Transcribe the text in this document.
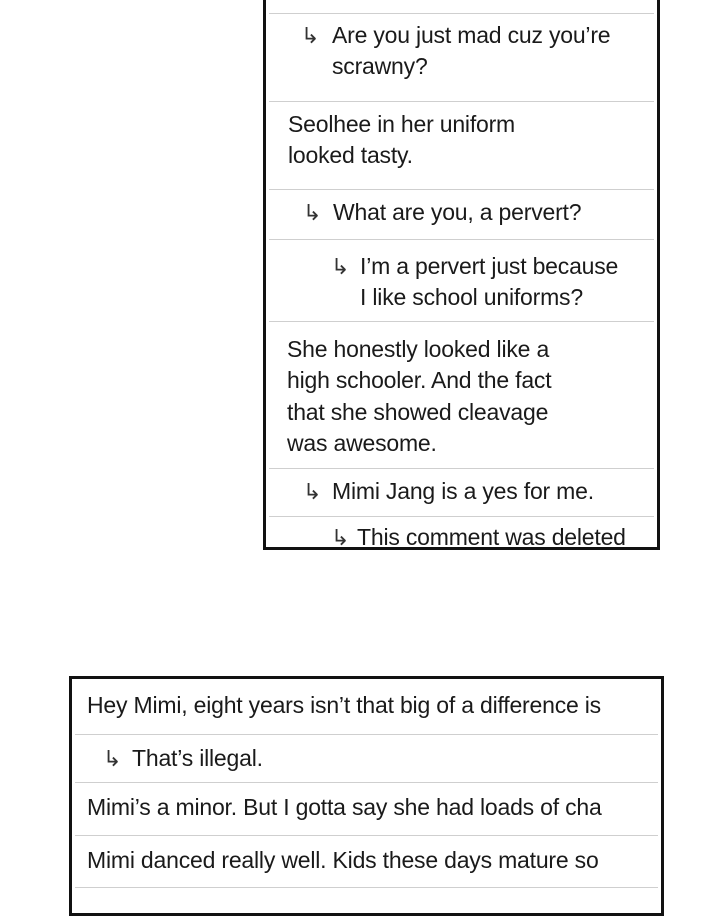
↳ Are you just mad cuz you’re
scrawny?
Seolhee in her uniform
looked tasty.
↳ What are you, a pervert?
↳ I’m a pervert just because
I like school uniforms?
She honestly looked like a
high schooler. And the fact
that she showed cleavage
was awesome.
↳ Mimi Jang is a yes for me.
↳ This comment was deleted
Hey Mimi, eight years isn’t that big of a difference is
↳ That’s illegal.
Mimi’s a minor. But I gotta say she had loads of cha
Mimi danced really well. Kids these days mature so
